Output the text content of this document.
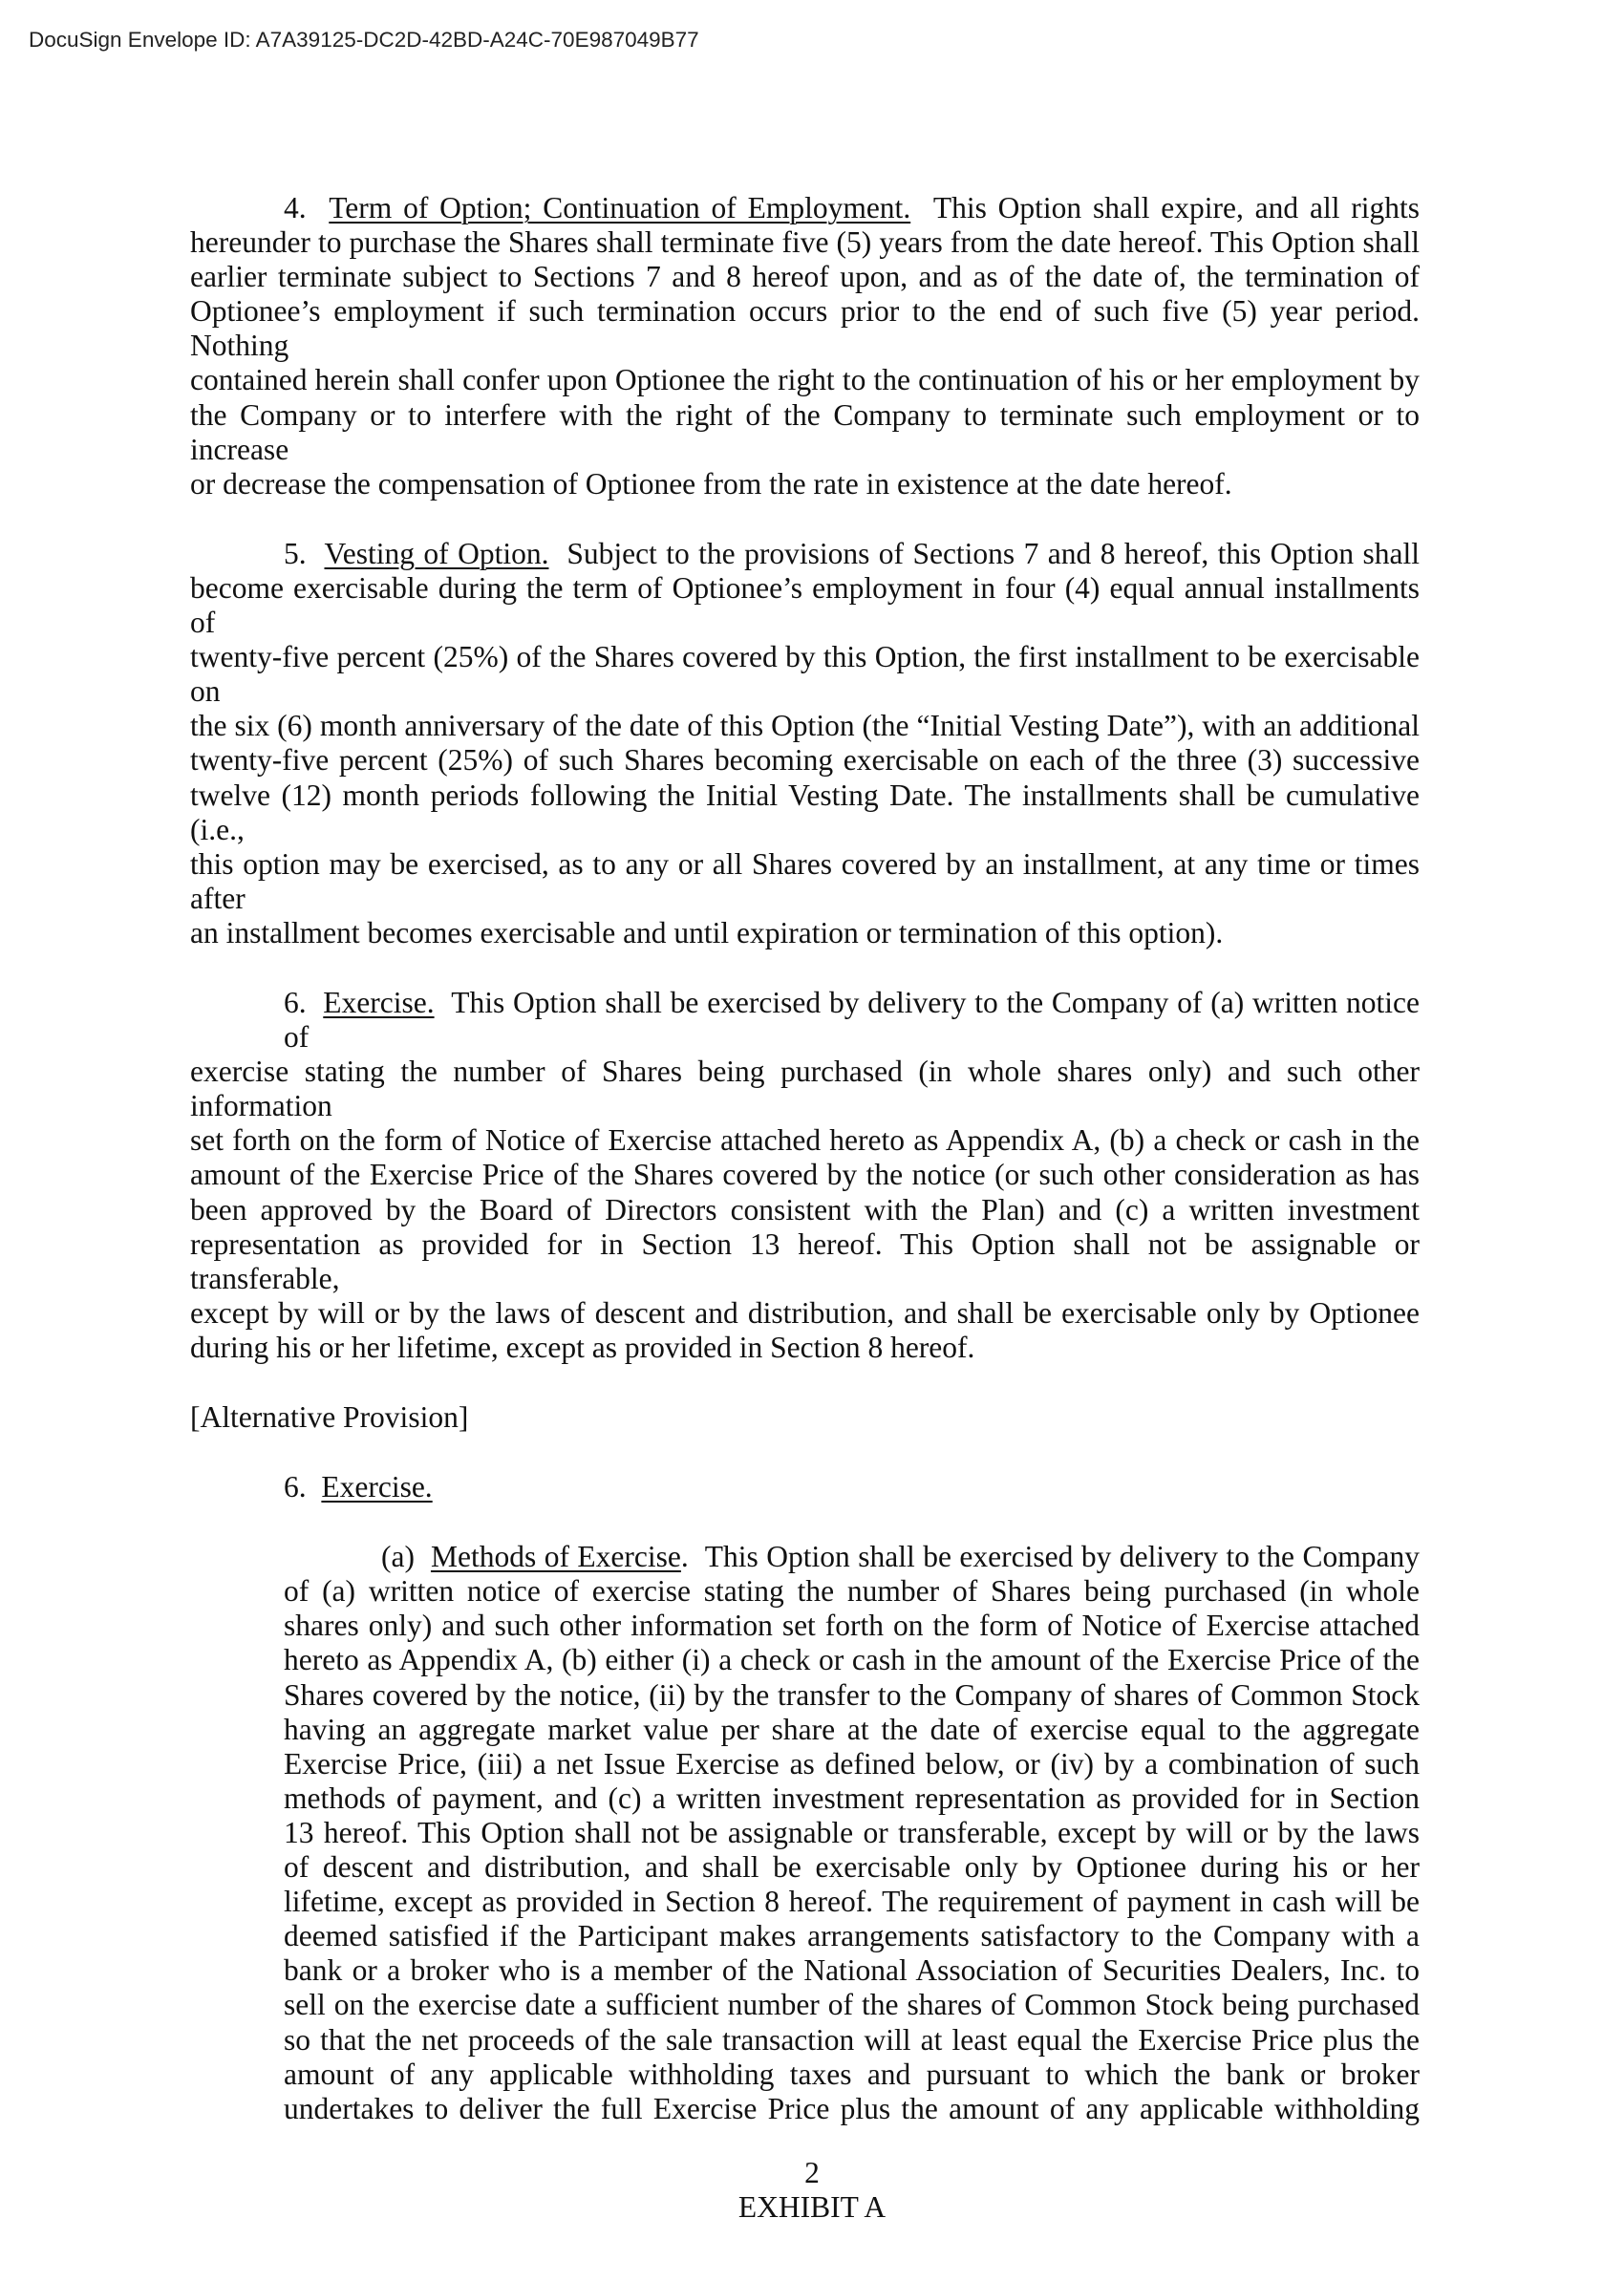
DocuSign Envelope ID: A7A39125-DC2D-42BD-A24C-70E987049B77
4. Term of Option; Continuation of Employment. This Option shall expire, and all rights
hereunder to purchase the Shares shall terminate five (5) years from the date hereof. This Option shall
earlier terminate subject to Sections 7 and 8 hereof upon, and as of the date of, the termination of
Optionee’s employment if such termination occurs prior to the end of such five (5) year period. Nothing
contained herein shall confer upon Optionee the right to the continuation of his or her employment by
the Company or to interfere with the right of the Company to terminate such employment or to increase
or decrease the compensation of Optionee from the rate in existence at the date hereof.
5. Vesting of Option. Subject to the provisions of Sections 7 and 8 hereof, this Option shall
become exercisable during the term of Optionee’s employment in four (4) equal annual installments of
twenty-five percent (25%) of the Shares covered by this Option, the first installment to be exercisable on
the six (6) month anniversary of the date of this Option (the “Initial Vesting Date”), with an additional
twenty-five percent (25%) of such Shares becoming exercisable on each of the three (3) successive
twelve (12) month periods following the Initial Vesting Date. The installments shall be cumulative (i.e.,
this option may be exercised, as to any or all Shares covered by an installment, at any time or times after
an installment becomes exercisable and until expiration or termination of this option).
6. Exercise. This Option shall be exercised by delivery to the Company of (a) written notice of
exercise stating the number of Shares being purchased (in whole shares only) and such other information
set forth on the form of Notice of Exercise attached hereto as Appendix A, (b) a check or cash in the
amount of the Exercise Price of the Shares covered by the notice (or such other consideration as has
been approved by the Board of Directors consistent with the Plan) and (c) a written investment
representation as provided for in Section 13 hereof. This Option shall not be assignable or transferable,
except by will or by the laws of descent and distribution, and shall be exercisable only by Optionee
during his or her lifetime, except as provided in Section 8 hereof.
[Alternative Provision]
6. Exercise.
(a) Methods of Exercise. This Option shall be exercised by delivery to the Company
of (a) written notice of exercise stating the number of Shares being purchased (in whole
shares only) and such other information set forth on the form of Notice of Exercise attached
hereto as Appendix A, (b) either (i) a check or cash in the amount of the Exercise Price of the
Shares covered by the notice, (ii) by the transfer to the Company of shares of Common Stock
having an aggregate market value per share at the date of exercise equal to the aggregate
Exercise Price, (iii) a net Issue Exercise as defined below, or (iv) by a combination of such
methods of payment, and (c) a written investment representation as provided for in Section
13 hereof. This Option shall not be assignable or transferable, except by will or by the laws
of descent and distribution, and shall be exercisable only by Optionee during his or her
lifetime, except as provided in Section 8 hereof. The requirement of payment in cash will be
deemed satisfied if the Participant makes arrangements satisfactory to the Company with a
bank or a broker who is a member of the National Association of Securities Dealers, Inc. to
sell on the exercise date a sufficient number of the shares of Common Stock being purchased
so that the net proceeds of the sale transaction will at least equal the Exercise Price plus the
amount of any applicable withholding taxes and pursuant to which the bank or broker
undertakes to deliver the full Exercise Price plus the amount of any applicable withholding
2
EXHIBIT A
